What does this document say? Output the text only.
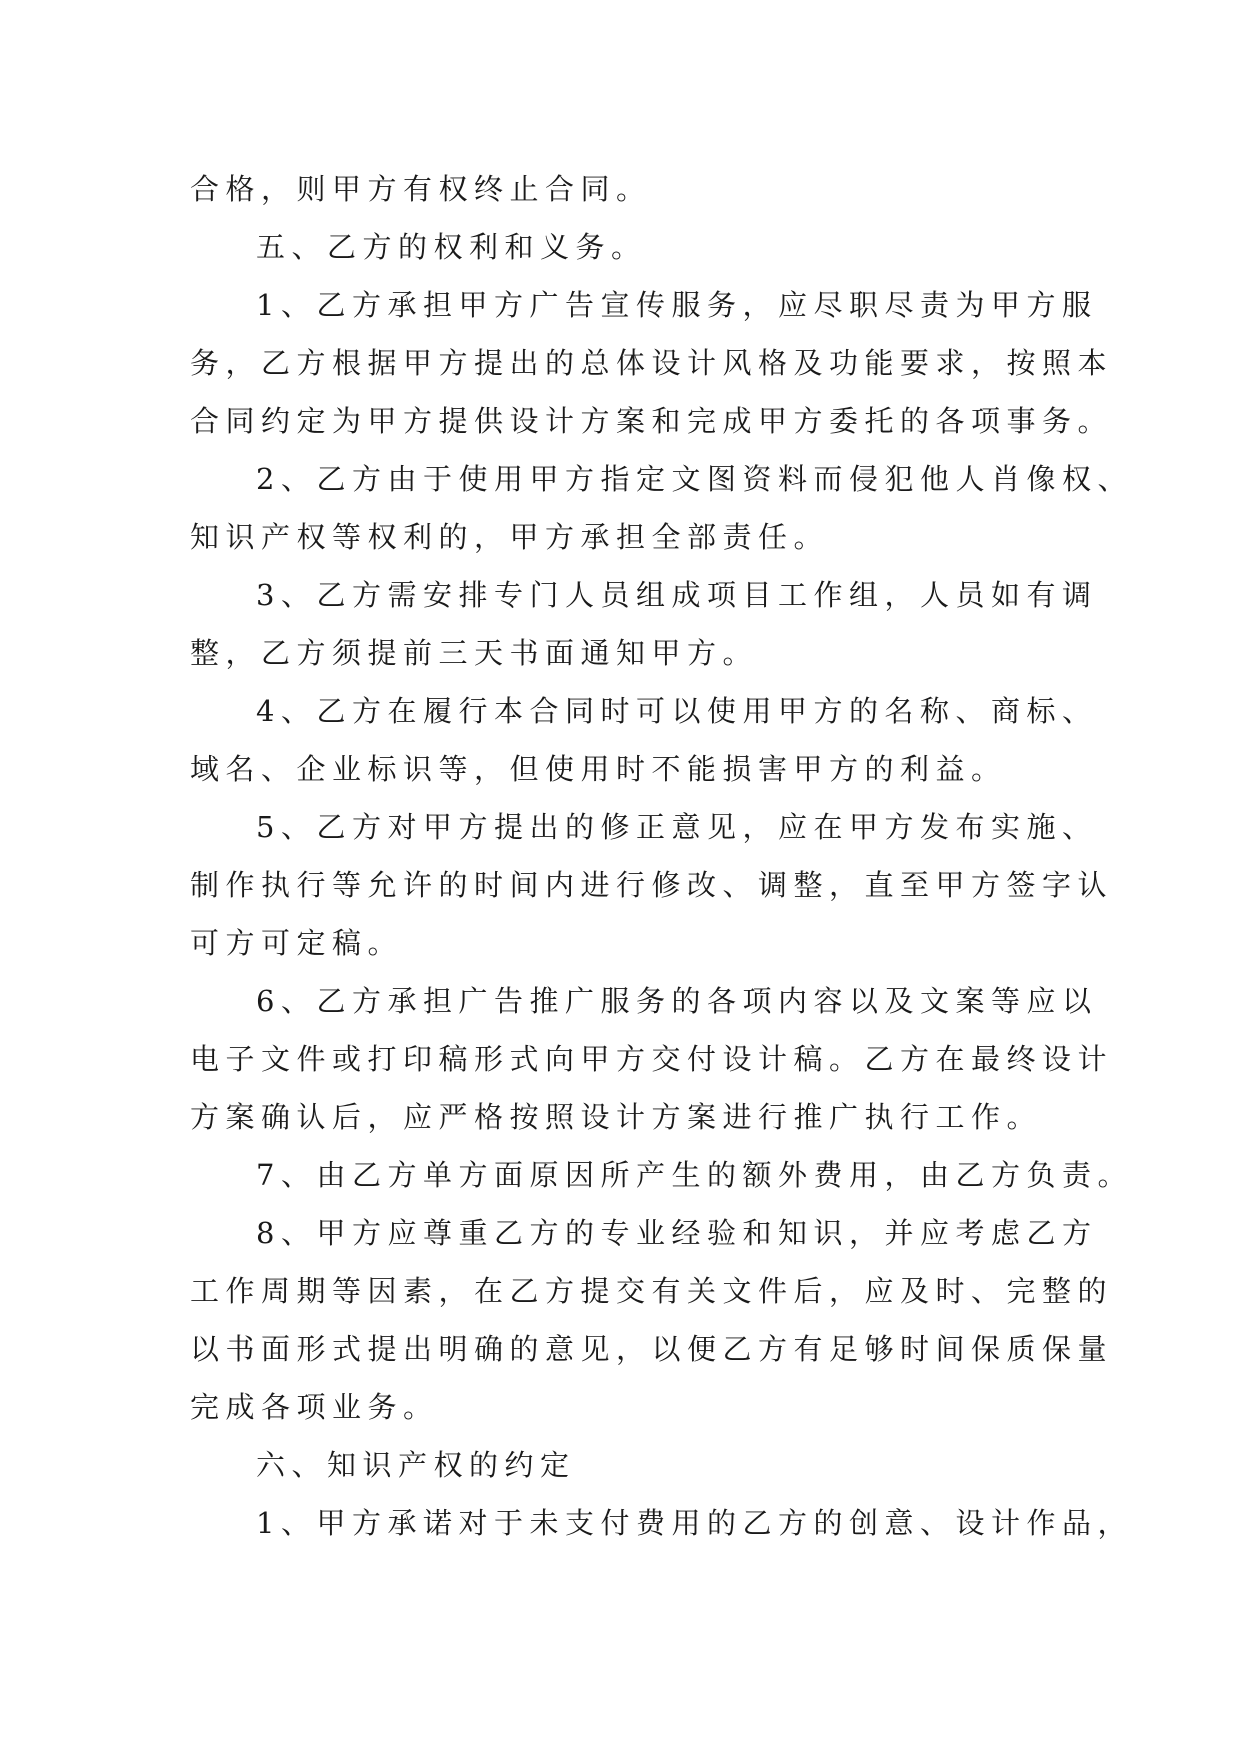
合格，则甲方有权终止合同。
五、乙方的权利和义务。
1、乙方承担甲方广告宣传服务，应尽职尽责为甲方服
务，乙方根据甲方提出的总体设计风格及功能要求，按照本
合同约定为甲方提供设计方案和完成甲方委托的各项事务。
2、乙方由于使用甲方指定文图资料而侵犯他人肖像权、
知识产权等权利的，甲方承担全部责任。
3、乙方需安排专门人员组成项目工作组，人员如有调
整，乙方须提前三天书面通知甲方。
4、乙方在履行本合同时可以使用甲方的名称、商标、
域名、企业标识等，但使用时不能损害甲方的利益。
5、乙方对甲方提出的修正意见，应在甲方发布实施、
制作执行等允许的时间内进行修改、调整，直至甲方签字认
可方可定稿。
6、乙方承担广告推广服务的各项内容以及文案等应以
电子文件或打印稿形式向甲方交付设计稿。乙方在最终设计
方案确认后，应严格按照设计方案进行推广执行工作。
7、由乙方单方面原因所产生的额外费用，由乙方负责。
8、甲方应尊重乙方的专业经验和知识，并应考虑乙方
工作周期等因素，在乙方提交有关文件后，应及时、完整的
以书面形式提出明确的意见，以便乙方有足够时间保质保量
完成各项业务。
六、知识产权的约定
1、甲方承诺对于未支付费用的乙方的创意、设计作品，
